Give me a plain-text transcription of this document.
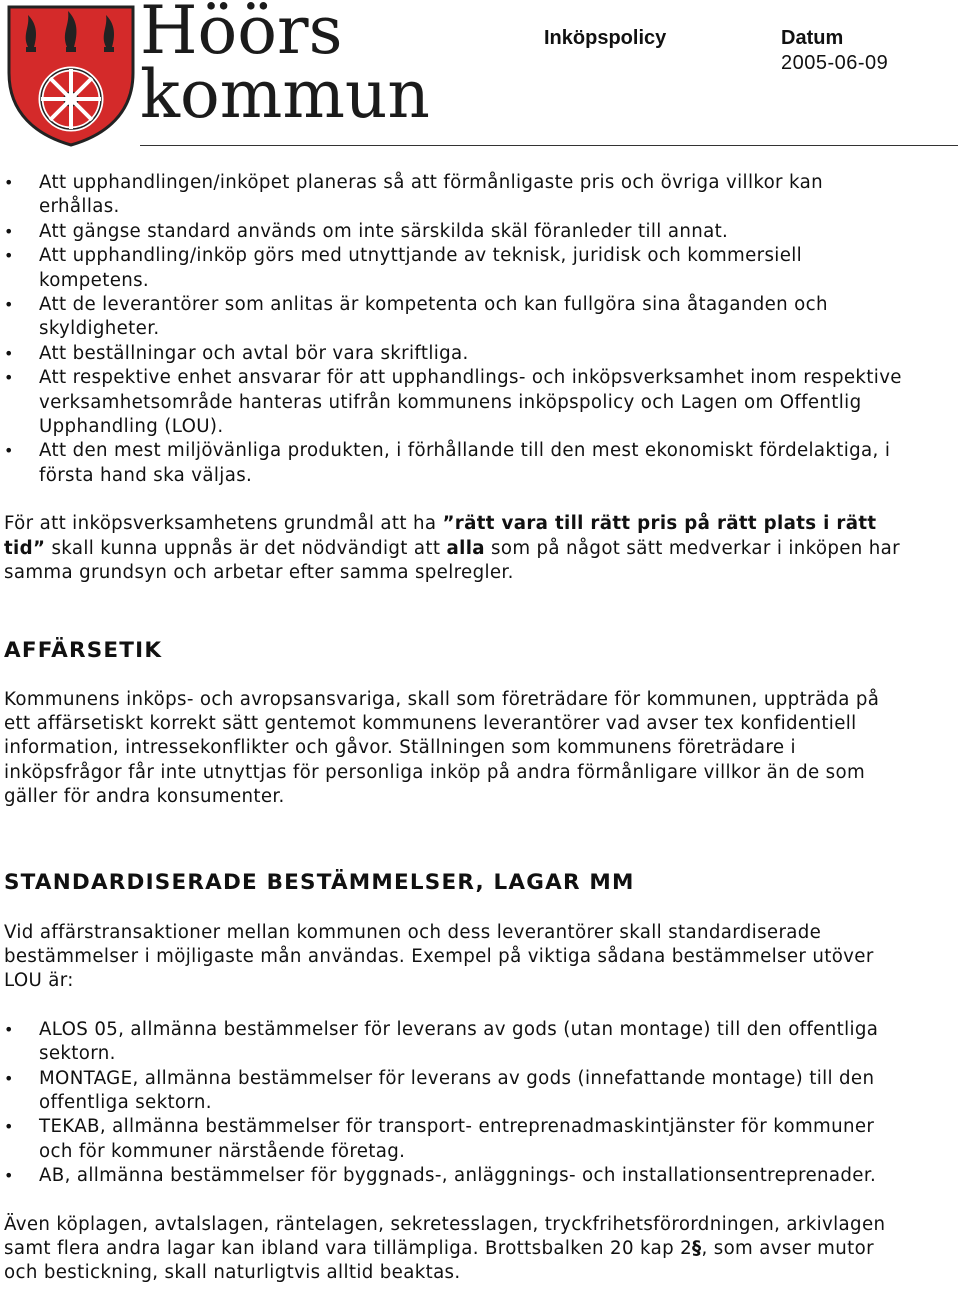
Höörs
kommun
Inköpspolicy	Datum
2005-06-09
• Att upphandlingen/inköpet planeras så att förmånligaste pris och övriga villkor kan erhållas.
• Att gängse standard används om inte särskilda skäl föranleder till annat.
• Att upphandling/inköp görs med utnyttjande av teknisk, juridisk och kommersiell kompetens.
• Att de leverantörer som anlitas är kompetenta och kan fullgöra sina åtaganden och skyldigheter.
• Att beställningar och avtal bör vara skriftliga.
• Att respektive enhet ansvarar för att upphandlings- och inköpsverksamhet inom respektive verksamhetsområde hanteras utifrån kommunens inköpspolicy och Lagen om Offentlig Upphandling (LOU).
• Att den mest miljövänliga produkten, i förhållande till den mest ekonomiskt fördelaktiga, i första hand ska väljas.

För att inköpsverksamhetens grundmål att ha ”rätt vara till rätt pris på rätt plats i rätt tid” skall kunna uppnås är det nödvändigt att alla som på något sätt medverkar i inköpen har samma grundsyn och arbetar efter samma spelregler.

AFFÄRSETIK

Kommunens inköps- och avropsansvariga, skall som företrädare för kommunen, uppträda på ett affärsetiskt korrekt sätt gentemot kommunens leverantörer vad avser tex konfidentiell information, intressekonflikter och gåvor. Ställningen som kommunens företrädare i inköpsfrågor får inte utnyttjas för personliga inköp på andra förmånligare villkor än de som gäller för andra konsumenter.

STANDARDISERADE BESTÄMMELSER, LAGAR MM

Vid affärstransaktioner mellan kommunen och dess leverantörer skall standardiserade bestämmelser i möjligaste mån användas. Exempel på viktiga sådana bestämmelser utöver LOU är:

• ALOS 05, allmänna bestämmelser för leverans av gods (utan montage) till den offentliga sektorn.
• MONTAGE, allmänna bestämmelser för leverans av gods (innefattande montage) till den offentliga sektorn.
• TEKAB, allmänna bestämmelser för transport- entreprenadmaskintjänster för kommuner och för kommuner närstående företag.
• AB, allmänna bestämmelser för byggnads-, anläggnings- och installationsentreprenader.

Även köplagen, avtalslagen, räntelagen, sekretesslagen, tryckfrihetsförordningen, arkivlagen samt flera andra lagar kan ibland vara tillämpliga. Brottsbalken 20 kap 2§, som avser mutor och bestickning, skall naturligtvis alltid beaktas.
